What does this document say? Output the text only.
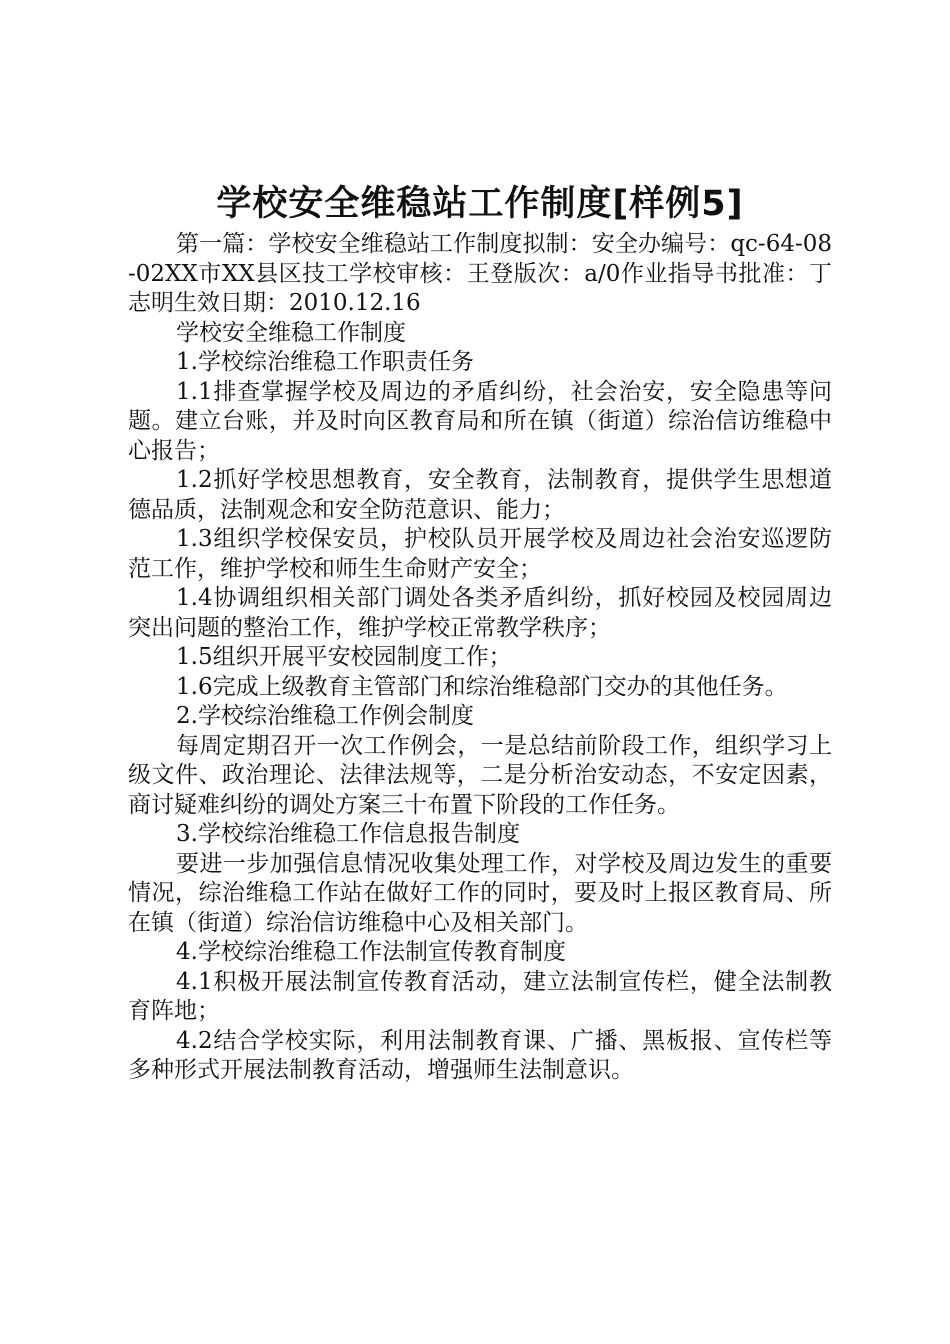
学校安全维稳站工作制度[样例5]

第一篇：学校安全维稳站工作制度拟制：安全办编号：qc-64-08-02XX市XX县区技工学校审核：王登版次：a/0作业指导书批准：丁志明生效日期：2010.12.16

学校安全维稳工作制度

1.学校综治维稳工作职责任务

1.1排查掌握学校及周边的矛盾纠纷，社会治安，安全隐患等问题。建立台账，并及时向区教育局和所在镇（街道）综治信访维稳中心报告；

1.2抓好学校思想教育，安全教育，法制教育，提供学生思想道德品质，法制观念和安全防范意识、能力；

1.3组织学校保安员，护校队员开展学校及周边社会治安巡逻防范工作，维护学校和师生生命财产安全；

1.4协调组织相关部门调处各类矛盾纠纷，抓好校园及校园周边突出问题的整治工作，维护学校正常教学秩序；

1.5组织开展平安校园制度工作；

1.6完成上级教育主管部门和综治维稳部门交办的其他任务。

2.学校综治维稳工作例会制度

每周定期召开一次工作例会，一是总结前阶段工作，组织学习上级文件、政治理论、法律法规等，二是分析治安动态，不安定因素，商讨疑难纠纷的调处方案三十布置下阶段的工作任务。

3.学校综治维稳工作信息报告制度

要进一步加强信息情况收集处理工作，对学校及周边发生的重要情况，综治维稳工作站在做好工作的同时，要及时上报区教育局、所在镇（街道）综治信访维稳中心及相关部门。

4.学校综治维稳工作法制宣传教育制度

4.1积极开展法制宣传教育活动，建立法制宣传栏，健全法制教育阵地；

4.2结合学校实际，利用法制教育课、广播、黑板报、宣传栏等多种形式开展法制教育活动，增强师生法制意识。
